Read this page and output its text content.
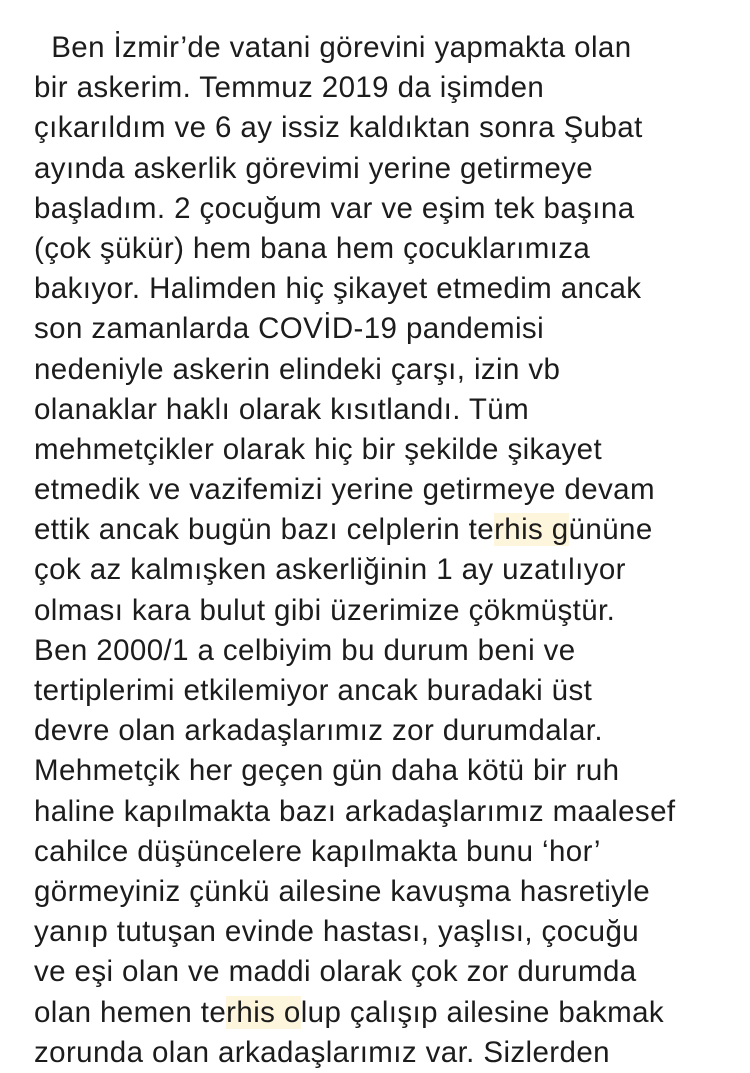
Ben İzmir’de vatani görevini yapmakta olan
bir askerim. Temmuz 2019 da işimden
çıkarıldım ve 6 ay issiz kaldıktan sonra Şubat
ayında askerlik görevimi yerine getirmeye
başladım. 2 çocuğum var ve eşim tek başına
(çok şükür) hem bana hem çocuklarımıza
bakıyor. Halimden hiç şikayet etmedim ancak
son zamanlarda COVİD-19 pandemisi
nedeniyle askerin elindeki çarşı, izin vb
olanaklar haklı olarak kısıtlandı. Tüm
mehmetçikler olarak hiç bir şekilde şikayet
etmedik ve vazifemizi yerine getirmeye devam
ettik ancak bugün bazı celplerin terhis gününe
çok az kalmışken askerliğinin 1 ay uzatılıyor
olması kara bulut gibi üzerimize çökmüştür.
Ben 2000/1 a celbiyim bu durum beni ve
tertiplerimi etkilemiyor ancak buradaki üst
devre olan arkadaşlarımız zor durumdalar.
Mehmetçik her geçen gün daha kötü bir ruh
haline kapılmakta bazı arkadaşlarımız maalesef
cahilce düşüncelere kapılmakta bunu ‘hor’
görmeyiniz çünkü ailesine kavuşma hasretiyle
yanıp tutuşan evinde hastası, yaşlısı, çocuğu
ve eşi olan ve maddi olarak çok zor durumda
olan hemen terhis olup çalışıp ailesine bakmak
zorunda olan arkadaşlarımız var. Sizlerden
